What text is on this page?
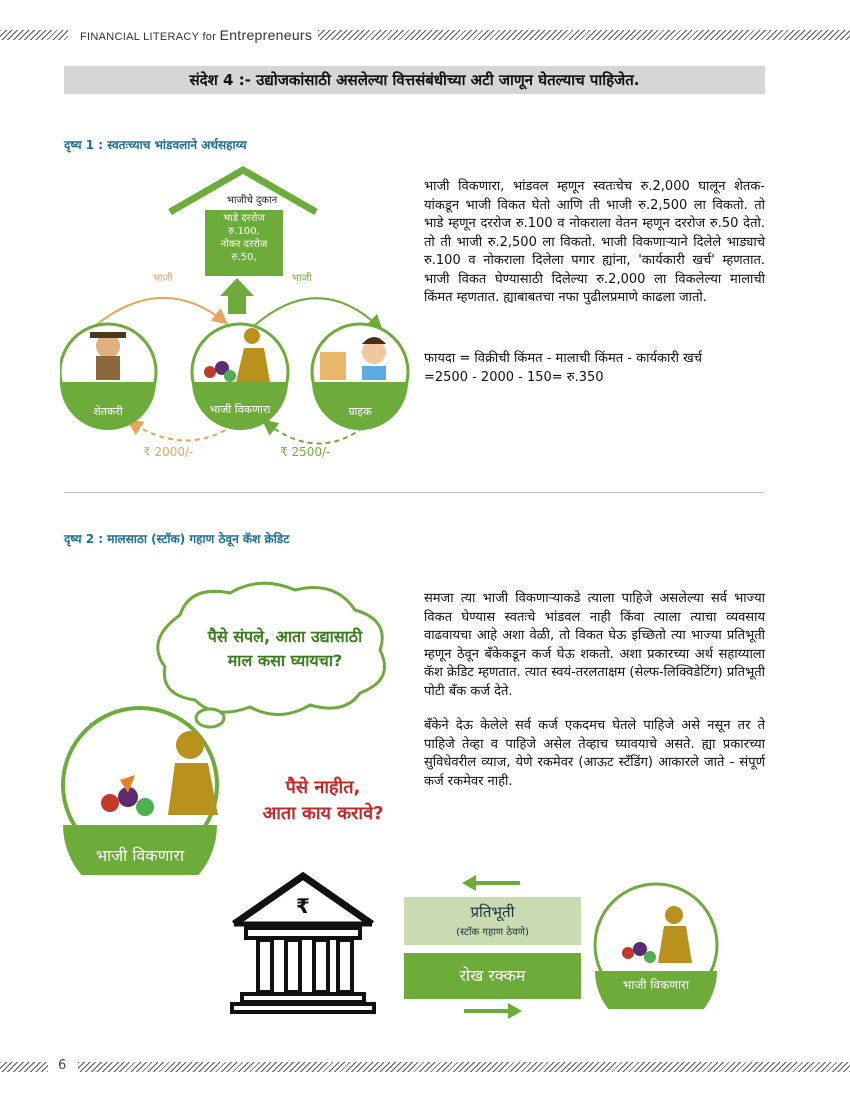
FINANCIAL LITERACY for Entrepreneurs
संदेश 4 :- उद्योजकांसाठी असलेल्या वित्तसंबंधीच्या अटी जाणून घेतल्याच पाहिजेत.
दृष्य 1 : स्वतःच्याच भांडवलाने अर्थसहाय्य
भाजीचे दुकान
भाडे दररोज
रु.100,
नोकर दररोज
रु.50,
भाजी	भाजी
शेतकरी	भाजी विकणारा	ग्राहक
₹ 2000/-	₹ 2500/-

भाजी विकणारा, भांडवल म्हणून स्वतःचेच रु.2,000 घालून शेतक-यांकडून भाजी विकत घेतो आणि ती भाजी रु.2,500 ला विकतो. तो भाडे म्हणून दररोज रु.100 व नोकराला वेतन म्हणून दररोज रु.50 देतो. तो ती भाजी रु.2,500 ला विकतो. भाजी विकणाऱ्याने दिलेले भाड्याचे रु.100 व नोकराला दिलेला पगार ह्यांना, 'कार्यकारी खर्च' म्हणतात. भाजी विकत घेण्यासाठी दिलेल्या रु.2,000 ला विकलेल्या मालाची किंमत म्हणतात. ह्याबाबतचा नफा पुढीलप्रमाणे काढला जातो.

फायदा = विक्रीची किंमत - मालाची किंमत - कार्यकारी खर्च
=2500 - 2000 - 150= रु.350
दृष्य 2 : मालसाठा (स्टॉक) गहाण ठेवून कॅश क्रेडिट
पैसे संपले, आता उद्यासाठी
माल कसा घ्यायचा?
भाजी विकणारा
पैसे नाहीत,
आता काय करावे?

समजा त्या भाजी विकणाऱ्याकडे त्याला पाहिजे असलेल्या सर्व भाज्या विकत घेण्यास स्वतःचे भांडवल नाही किंवा त्याला त्याचा व्यवसाय वाढवायचा आहे अशा वेळी, तो विकत घेऊ इच्छितो त्या भाज्या प्रतिभूती म्हणून ठेवून बँकेकडून कर्ज घेऊ शकतो. अशा प्रकारच्या अर्थ सहाय्याला कॅश क्रेडिट म्हणतात. त्यात स्वयं-तरलताक्षम (सेल्फ-लिक्विडेटिंग) प्रतिभूती पोटी बँक कर्ज देते.

बँकेने देऊ केलेले सर्व कर्ज एकदमच घेतले पाहिजे असे नसून तर ते पाहिजे तेव्हा व पाहिजे असेल तेव्हाच घ्यावयाचे असते. ह्या प्रकारच्या सुविधेवरील व्याज, येणे रकमेवर (आऊट स्टँडिंग) आकारले जाते - संपूर्ण कर्ज रकमेवर नाही.

₹	प्रतिभूती
(स्टॉक गहाण ठेवणे)
रोख रक्कम	भाजी विकणारा
6
